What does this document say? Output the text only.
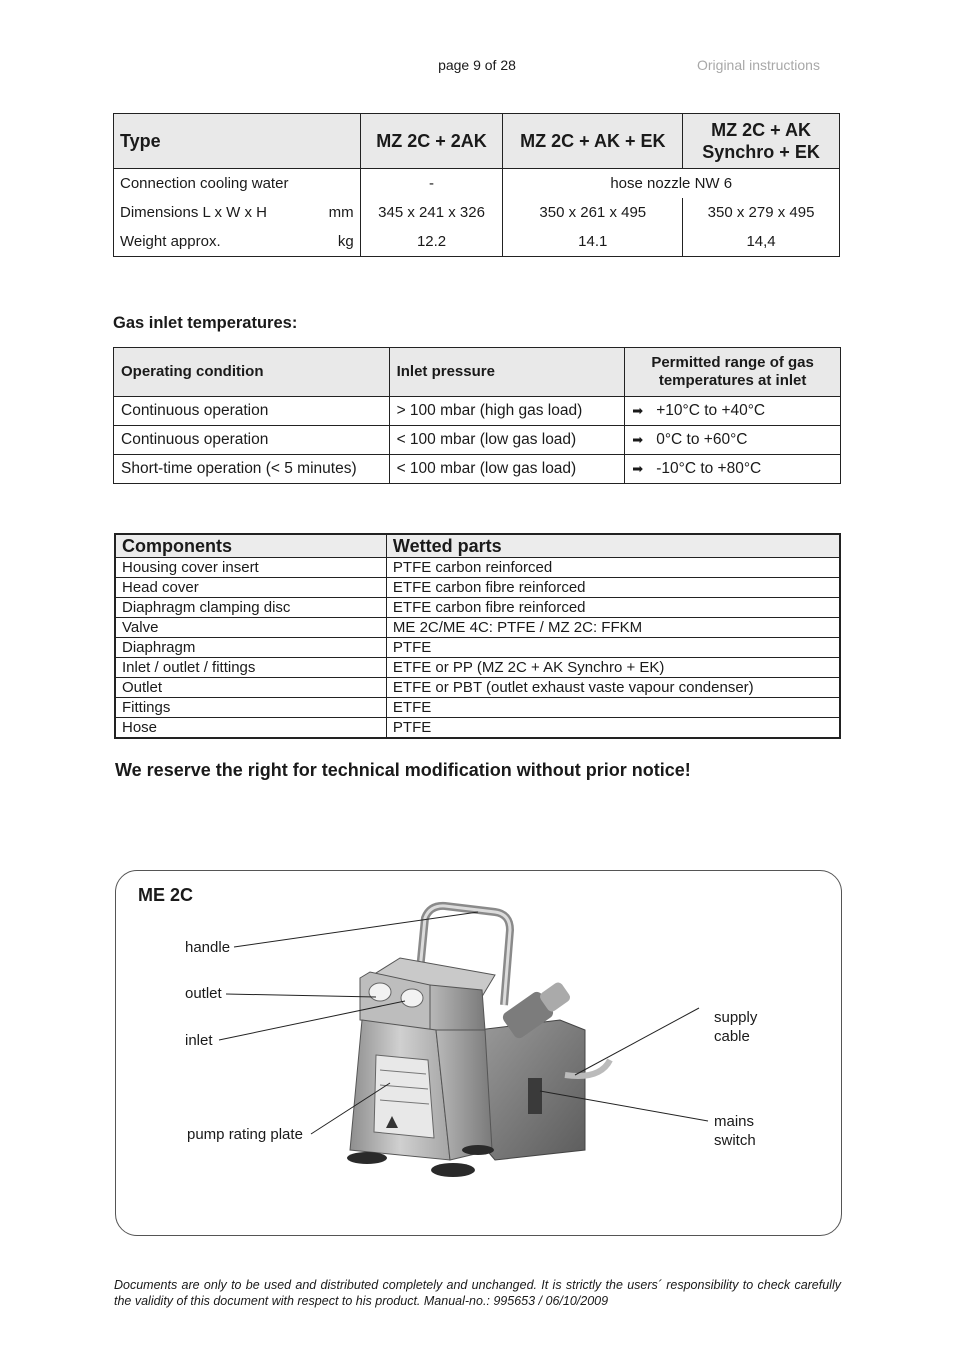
page 9 of 28	Original instructions
Type	MZ 2C + 2AK	MZ 2C + AK + EK	MZ 2C + AK
Synchro + EK
Connection cooling water	-	hose nozzle NW 6	
Dimensions L x W x H mm	345 x 241 x 326	350 x 261 x 495	350 x 279 x 495
Weight approx. kg	12.2	14.1	14,4
Gas inlet temperatures:
Operating condition	Inlet pressure	Permitted range of gas
temperatures at inlet
Continuous operation	> 100 mbar (high gas load)	➡ +10°C to +40°C
Continuous operation	< 100 mbar (low gas load)	➡ 0°C to +60°C
Short-time operation (< 5 minutes)	< 100 mbar (low gas load)	➡ -10°C to +80°C
Components	Wetted parts
Housing cover insert	PTFE carbon reinforced
Head cover	ETFE carbon fibre reinforced
Diaphragm clamping disc	ETFE carbon fibre reinforced
Valve	ME 2C/ME 4C: PTFE / MZ 2C: FFKM
Diaphragm	PTFE
Inlet / outlet / fittings	ETFE or PP (MZ 2C + AK Synchro + EK)
Outlet	ETFE or PBT (outlet exhaust vaste vapour condenser)
Fittings	ETFE
Hose	PTFE
We reserve the right for technical modification without prior notice!
ME 2C
handle
outlet
inlet
pump rating plate
supply
cable
mains
switch
Documents are only to be used and distributed completely and unchanged. It is strictly the users´ responsibility to check carefully the validity of this document with respect to his product. Manual-no.: 995653 / 06/10/2009
